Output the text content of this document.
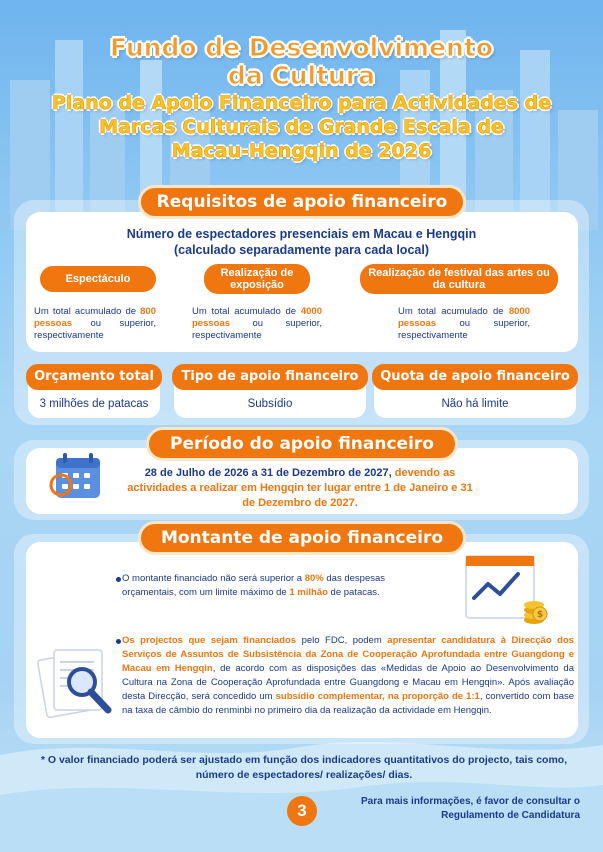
Fundo de Desenvolvimento
da Cultura
Plano de Apoio Financeiro para Actividades de
Marcas Culturais de Grande Escala de
Macau-Hengqin de 2026
Requisitos de apoio financeiro
Número de espectadores presenciais em Macau e Hengqin
(calculado separadamente para cada local)
Espectáculo	Realização de exposição
Realização de festival das artes ou da cultura
Um total acumulado de 800 pessoas ou superior, respectivamente
Um total acumulado de 4000 pessoas ou superior, respectivamente
Um total acumulado de 8000 pessoas ou superior, respectivamente
3 milhões de patacas
Orçamento total
Subsídio
Tipo de apoio financeiro
Não há limite
Quota de apoio financeiro
Período do apoio financeiro
28 de Julho de 2026 a 31 de Dezembro de 2027, devendo as actividades a realizar em Hengqin ter lugar entre 1 de Janeiro e 31 de Dezembro de 2027.
Montante de apoio financeiro
O montante financiado não será superior a 80% das despesas orçamentais, com um limite máximo de 1 milhão de patacas.
$
Os projectos que sejam financiados pelo FDC, podem apresentar candidatura à Direcção dos Serviços de Assuntos de Subsistência da Zona de Cooperação Aprofundada entre Guangdong e Macau em Hengqin, de acordo com as disposições das «Medidas de Apoio ao Desenvolvimento da Cultura na Zona de Cooperação Aprofundada entre Guangdong e Macau em Hengqin». Após avaliação desta Direcção, será concedido um subsídio complementar, na proporção de 1:1, convertido com base na taxa de câmbio do renminbi no primeiro dia da realização da actividade em Hengqin.
* O valor financiado poderá ser ajustado em função dos indicadores quantitativos do projecto, tais como, número de espectadores/ realizações/ dias.
3	Para mais informações, é favor de consultar o
Regulamento de Candidatura
